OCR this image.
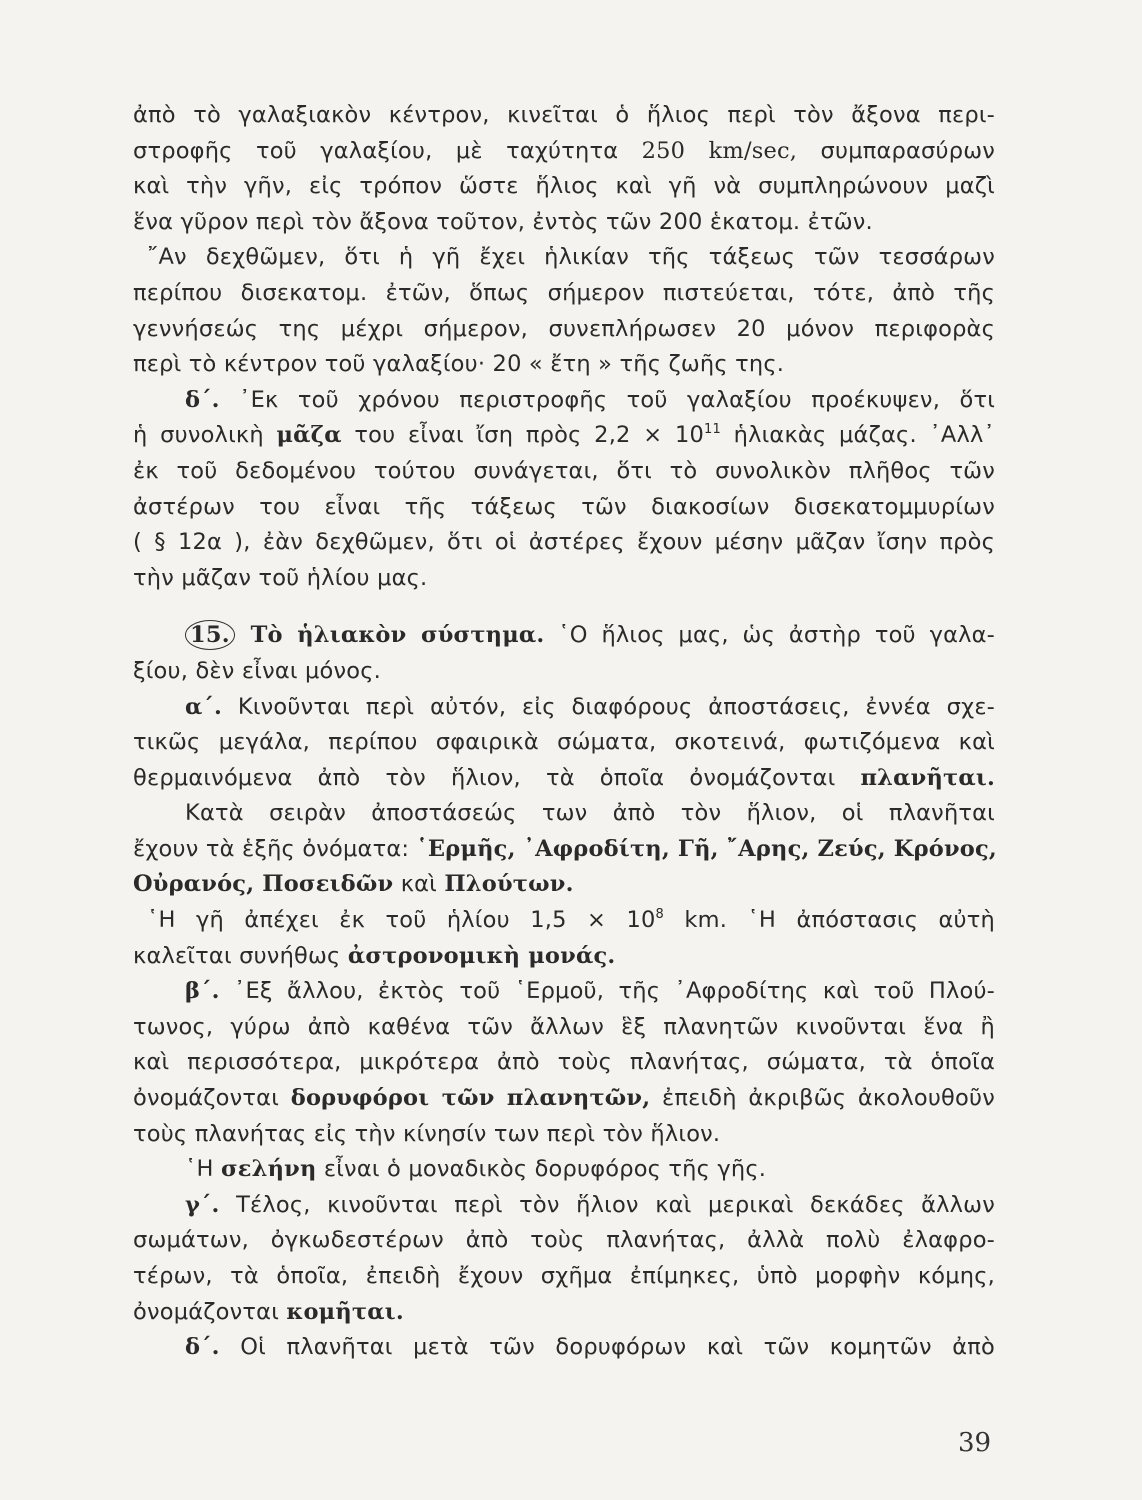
ἀπὸ τὸ γαλαξιακὸν κέντρον, κινεῖται ὁ ἥλιος περὶ τὸν ἄξονα περι-
στροφῆς τοῦ γαλαξίου, μὲ ταχύτητα 250 km/sec, συμπαρασύρων
καὶ τὴν γῆν, εἰς τρόπον ὥστε ἥλιος καὶ γῆ νὰ συμπληρώνουν μαζὶ
ἕνα γῦρον περὶ τὸν ἄξονα τοῦτον, ἐντὸς τῶν 200 ἑκατομ. ἐτῶν.
῎Αν δεχθῶμεν, ὅτι ἡ γῆ ἔχει ἡλικίαν τῆς τάξεως τῶν τεσσάρων
περίπου δισεκατομ. ἐτῶν, ὅπως σήμερον πιστεύεται, τότε, ἀπὸ τῆς
γεννήσεώς της μέχρι σήμερον, συνεπλήρωσεν 20 μόνον περιφορὰς
περὶ τὸ κέντρον τοῦ γαλαξίου· 20 « ἔτη » τῆς ζωῆς της.
δ΄. ᾿Εκ τοῦ χρόνου περιστροφῆς τοῦ γαλαξίου προέκυψεν, ὅτι
ἡ συνολικὴ μᾶζα του εἶναι ἴση πρὸς $2,2 \times 10^{11}$ ἡλιακὰς μάζας. ᾿Αλλ᾿
ἐκ τοῦ δεδομένου τούτου συνάγεται, ὅτι τὸ συνολικὸν πλῆθος τῶν
ἀστέρων του εἶναι τῆς τάξεως τῶν διακοσίων δισεκατομμυρίων
( § 12α ), ἐὰν δεχθῶμεν, ὅτι οἱ ἀστέρες ἔχουν μέσην μᾶζαν ἴσην πρὸς
τὴν μᾶζαν τοῦ ἡλίου μας.
15. Τὸ ἡλιακὸν σύστημα. ῾Ο ἥλιος μας, ὡς ἀστὴρ τοῦ γαλα-
ξίου, δὲν εἶναι μόνος.
α΄. Κινοῦνται περὶ αὐτόν, εἰς διαφόρους ἀποστάσεις, ἐννέα σχε-
τικῶς μεγάλα, περίπου σφαιρικὰ σώματα, σκοτεινά, φωτιζόμενα καὶ
θερμαινόμενα ἀπὸ τὸν ἥλιον, τὰ ὁποῖα ὀνομάζονται πλανῆται.
Κατὰ σειρὰν ἀποστάσεώς των ἀπὸ τὸν ἥλιον, οἱ πλανῆται
ἔχουν τὰ ἑξῆς ὀνόματα: ῾Ερμῆς, ᾿Αφροδίτη, Γῆ, ῎Αρης, Ζεύς, Κρόνος,
Οὐρανός, Ποσειδῶν καὶ Πλούτων.
῾Η γῆ ἀπέχει ἐκ τοῦ ἡλίου $1,5 \times 10^8$ km. ῾Η ἀπόστασις αὐτὴ
καλεῖται συνήθως ἀστρονομικὴ μονάς.
β΄. ᾿Εξ ἄλλου, ἐκτὸς τοῦ ῾Ερμοῦ, τῆς ᾿Αφροδίτης καὶ τοῦ Πλού-
τωνος, γύρω ἀπὸ καθένα τῶν ἄλλων ἓξ πλανητῶν κινοῦνται ἕνα ἢ
καὶ περισσότερα, μικρότερα ἀπὸ τοὺς πλανήτας, σώματα, τὰ ὁποῖα
ὀνομάζονται δορυφόροι τῶν πλανητῶν, ἐπειδὴ ἀκριβῶς ἀκολουθοῦν
τοὺς πλανήτας εἰς τὴν κίνησίν των περὶ τὸν ἥλιον.
῾Η σελήνη εἶναι ὁ μοναδικὸς δορυφόρος τῆς γῆς.
γ΄. Τέλος, κινοῦνται περὶ τὸν ἥλιον καὶ μερικαὶ δεκάδες ἄλλων
σωμάτων, ὀγκωδεστέρων ἀπὸ τοὺς πλανήτας, ἀλλὰ πολὺ ἐλαφρο-
τέρων, τὰ ὁποῖα, ἐπειδὴ ἔχουν σχῆμα ἐπίμηκες, ὑπὸ μορφὴν κόμης,
ὀνομάζονται κομῆται.
δ΄. Οἱ πλανῆται μετὰ τῶν δορυφόρων καὶ τῶν κομητῶν ἀπὸ
39
